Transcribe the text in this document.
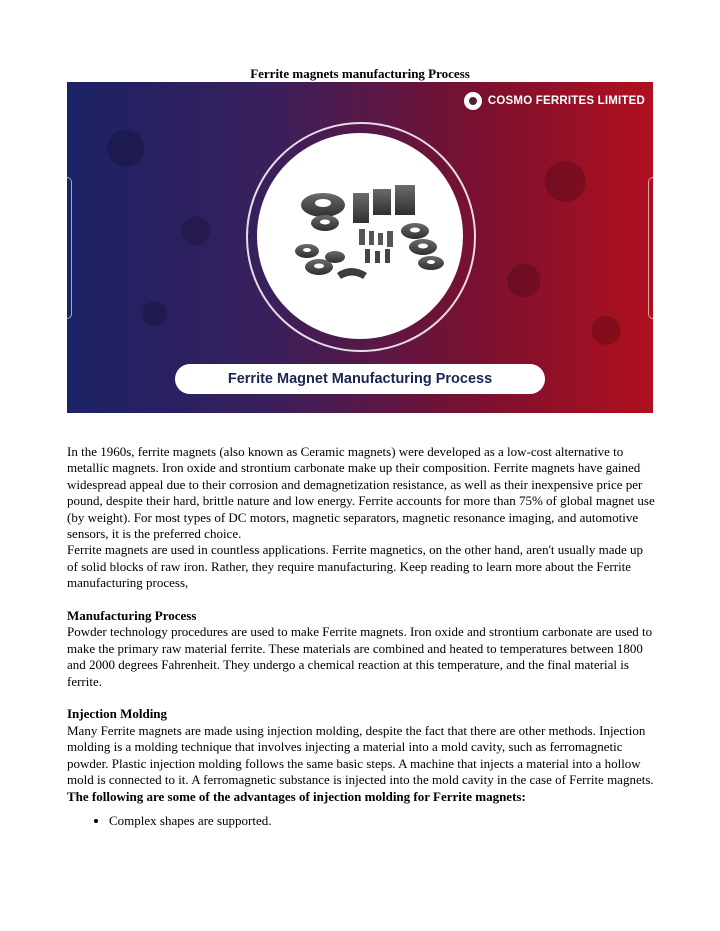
Ferrite magnets manufacturing Process
COSMO FERRITES LIMITED
Ferrite Magnet Manufacturing Process

In the 1960s, ferrite magnets (also known as Ceramic magnets) were developed as a low-cost alternative to metallic magnets. Iron oxide and strontium carbonate make up their composition. Ferrite magnets have gained widespread appeal due to their corrosion and demagnetization resistance, as well as their inexpensive price per pound, despite their hard, brittle nature and low energy. Ferrite accounts for more than 75% of global magnet use (by weight). For most types of DC motors, magnetic separators, magnetic resonance imaging, and automotive sensors, it is the preferred choice.

Ferrite magnets are used in countless applications. Ferrite magnetics, on the other hand, aren't usually made up of solid blocks of raw iron. Rather, they require manufacturing. Keep reading to learn more about the Ferrite manufacturing process,

Manufacturing Process

Powder technology procedures are used to make Ferrite magnets. Iron oxide and strontium carbonate are used to make the primary raw material ferrite. These materials are combined and heated to temperatures between 1800 and 2000 degrees Fahrenheit. They undergo a chemical reaction at this temperature, and the final material is ferrite.

Injection Molding

Many Ferrite magnets are made using injection molding, despite the fact that there are other methods. Injection molding is a molding technique that involves injecting a material into a mold cavity, such as ferromagnetic powder. Plastic injection molding follows the same basic steps. A machine that injects a material into a hollow mold is connected to it. A ferromagnetic substance is injected into the mold cavity in the case of Ferrite magnets.

The following are some of the advantages of injection molding for Ferrite magnets:

• Complex shapes are supported.
